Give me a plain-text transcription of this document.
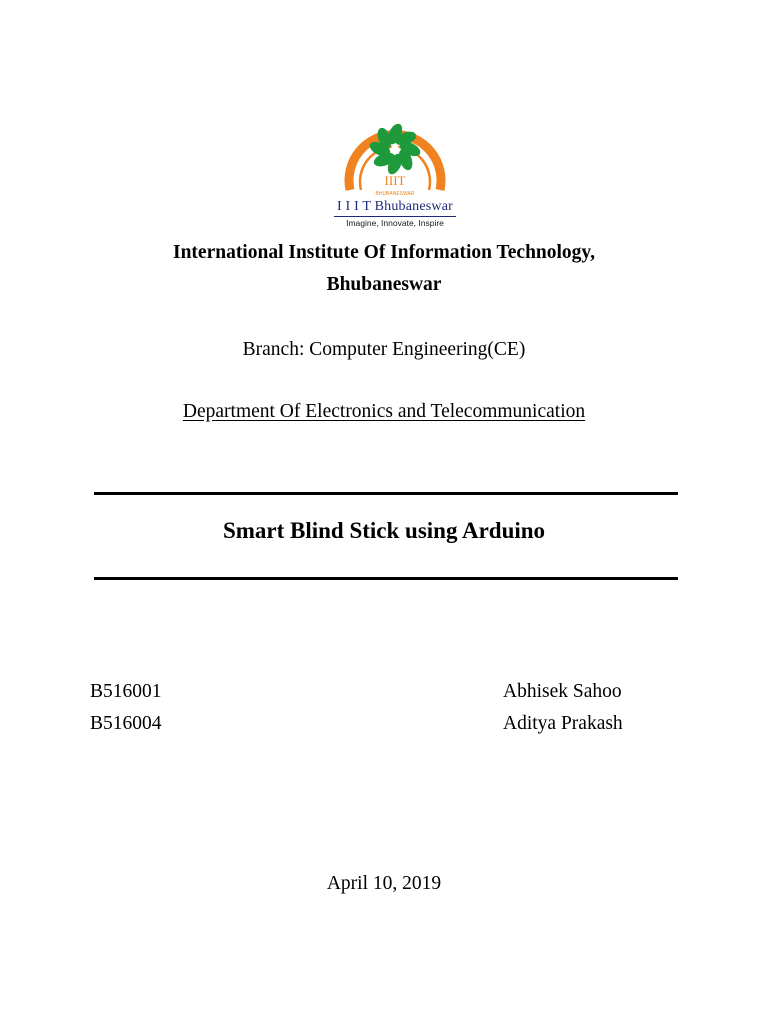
IIIT
BHUBANESWAR
I I I T Bhubaneswar
Imagine, Innovate, Inspire
International Institute Of Information Technology,
Bhubaneswar
Branch: Computer Engineering(CE)
Department Of Electronics and Telecommunication
Smart Blind Stick using Arduino
B516001	Abhisek Sahoo
B516004	Aditya Prakash
April 10, 2019
